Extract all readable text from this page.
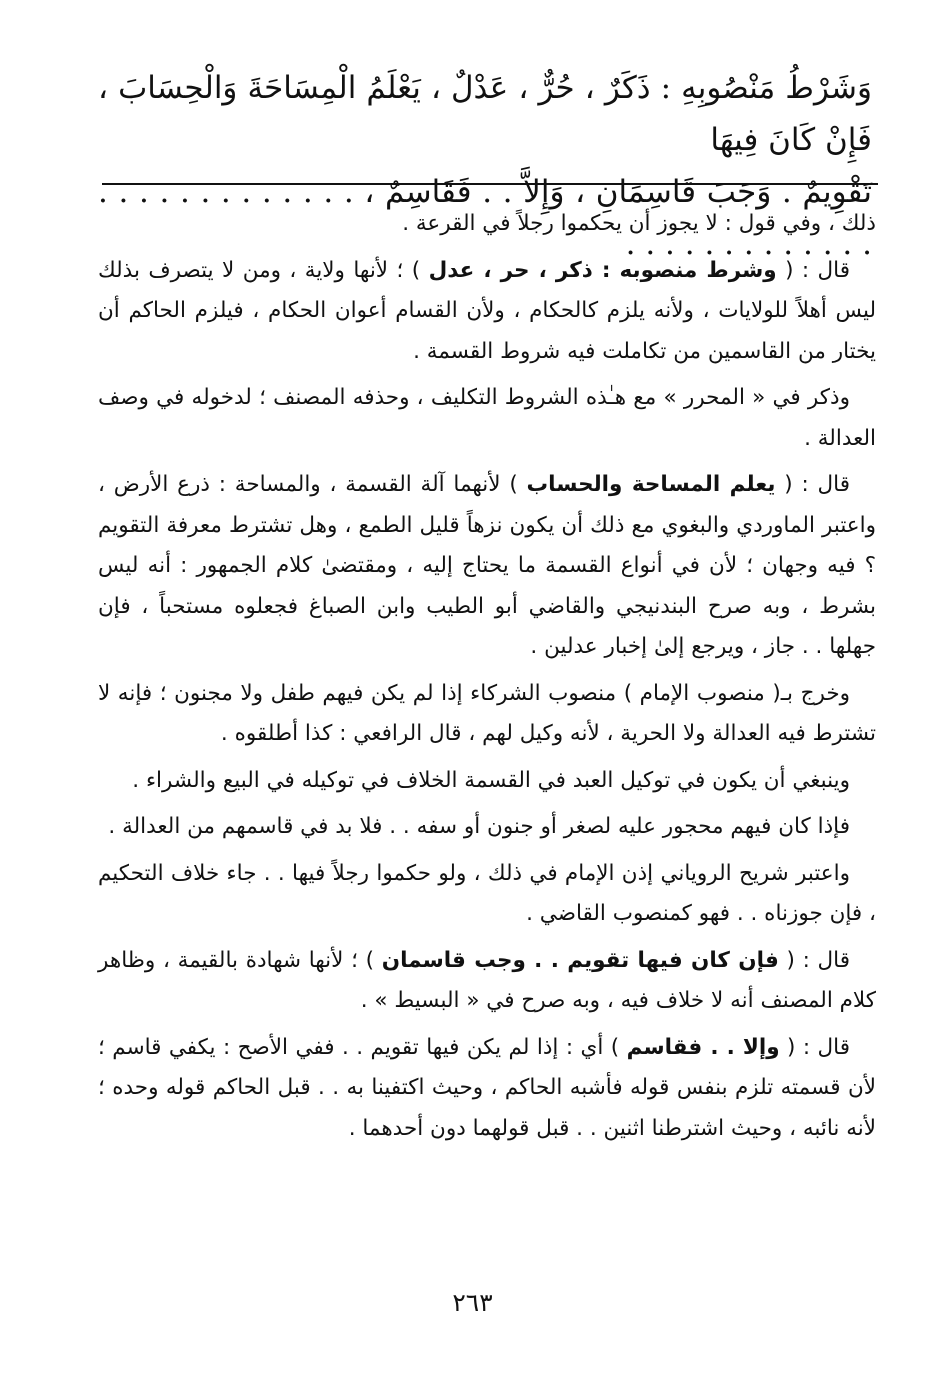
وَشَرْطُ مَنْصُوبِهِ : ذَكَرٌ ، حُرٌّ ، عَدْلٌ ، يَعْلَمُ الْمِسَاحَةَ وَالْحِسَابَ ، فَإِنْ كَانَ فِيهَا
تَقْوِيمٌ . وَجَبَ قَاسِمَانِ ، وَإِلاَّ . . فَقَاسِمٌ ، . . . . . . . . . . . . . . . . . . . . . . . . . .

ذلك ، وفي قول : لا يجوز أن يحكموا رجلاً في القرعة .

قال : ( وشرط منصوبه : ذكر ، حر ، عدل ) ؛ لأنها ولاية ، ومن لا يتصرف بذلك ليس أهلاً للولايات ، ولأنه يلزم كالحكام ، ولأن القسام أعوان الحكام ، فيلزم الحاكم أن يختار من القاسمين من تكاملت فيه شروط القسمة .

وذكر في « المحرر » مع هـٰذه الشروط التكليف ، وحذفه المصنف ؛ لدخوله في وصف العدالة .

قال : ( يعلم المساحة والحساب ) لأنهما آلة القسمة ، والمساحة : ذرع الأرض ، واعتبر الماوردي والبغوي مع ذلك أن يكون نزهاً قليل الطمع ، وهل تشترط معرفة التقويم ؟ فيه وجهان ؛ لأن في أنواع القسمة ما يحتاج إليه ، ومقتضىٰ كلام الجمهور : أنه ليس بشرط ، وبه صرح البندنيجي والقاضي أبو الطيب وابن الصباغ فجعلوه مستحباً ، فإن جهلها . . جاز ، ويرجع إلىٰ إخبار عدلين .

وخرج بـ( منصوب الإمام ) منصوب الشركاء إذا لم يكن فيهم طفل ولا مجنون ؛ فإنه لا تشترط فيه العدالة ولا الحرية ، لأنه وكيل لهم ، قال الرافعي : كذا أطلقوه .

وينبغي أن يكون في توكيل العبد في القسمة الخلاف في توكيله في البيع والشراء .

فإذا كان فيهم محجور عليه لصغر أو جنون أو سفه . . فلا بد في قاسمهم من العدالة .

واعتبر شريح الروياني إذن الإمام في ذلك ، ولو حكموا رجلاً فيها . . جاء خلاف التحكيم ، فإن جوزناه . . فهو كمنصوب القاضي .

قال : ( فإن كان فيها تقويم . . وجب قاسمان ) ؛ لأنها شهادة بالقيمة ، وظاهر كلام المصنف أنه لا خلاف فيه ، وبه صرح في « البسيط » .

قال : ( وإلا . . فقاسم ) أي : إذا لم يكن فيها تقويم . . ففي الأصح : يكفي قاسم ؛ لأن قسمته تلزم بنفس قوله فأشبه الحاكم ، وحيث اكتفينا به . . قبل الحاكم قوله وحده ؛ لأنه نائبه ، وحيث اشترطنا اثنين . . قبل قولهما دون أحدهما .

٢٦٣
